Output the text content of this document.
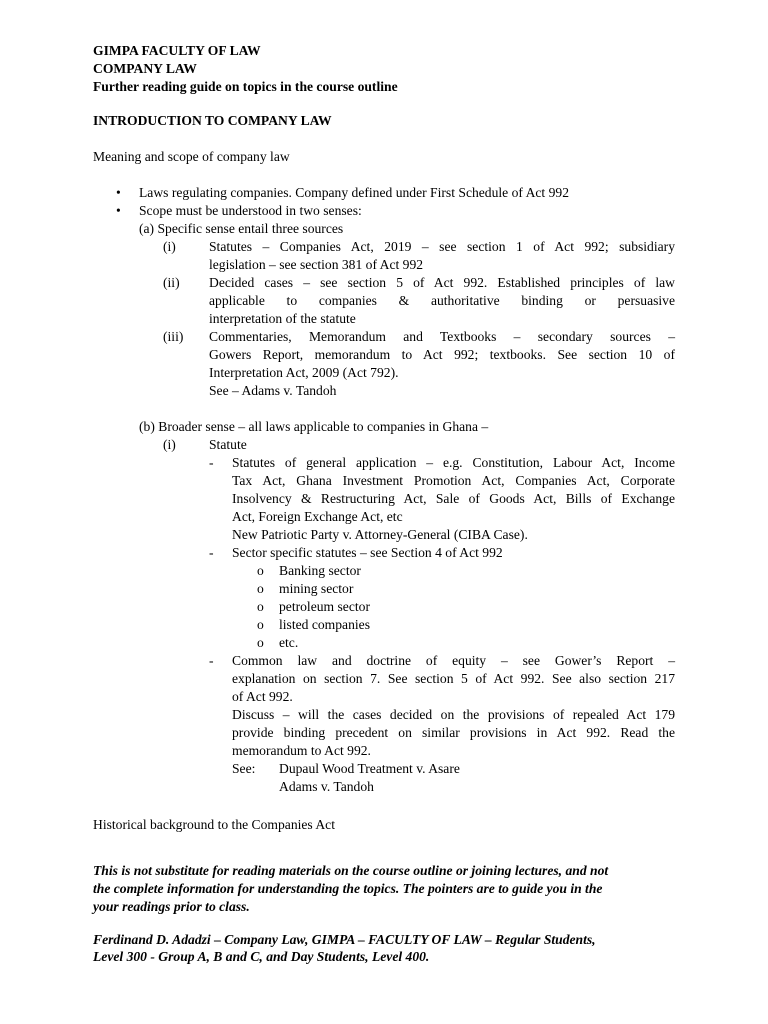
GIMPA FACULTY OF LAW
COMPANY LAW
Further reading guide on topics in the course outline
INTRODUCTION TO COMPANY LAW
Meaning and scope of company law
• Laws regulating companies. Company defined under First Schedule of Act 992
• Scope must be understood in two senses:
(a) Specific sense entail three sources
(i) Statutes – Companies Act, 2019 – see section 1 of Act 992; subsidiary
legislation – see section 381 of Act 992
(ii) Decided cases – see section 5 of Act 992. Established principles of law
applicable to companies & authoritative binding or persuasive
interpretation of the statute
(iii) Commentaries, Memorandum and Textbooks – secondary sources –
Gowers Report, memorandum to Act 992; textbooks. See section 10 of
Interpretation Act, 2009 (Act 792).
See – Adams v. Tandoh
(b) Broader sense – all laws applicable to companies in Ghana –
(i) Statute
- Statutes of general application – e.g. Constitution, Labour Act, Income
Tax Act, Ghana Investment Promotion Act, Companies Act, Corporate
Insolvency & Restructuring Act, Sale of Goods Act, Bills of Exchange
Act, Foreign Exchange Act, etc
New Patriotic Party v. Attorney-General (CIBA Case).
- Sector specific statutes – see Section 4 of Act 992
o Banking sector
o mining sector
o petroleum sector
o listed companies
o etc.
- Common law and doctrine of equity – see Gower’s Report –
explanation on section 7. See section 5 of Act 992. See also section 217
of Act 992.
Discuss – will the cases decided on the provisions of repealed Act 179
provide binding precedent on similar provisions in Act 992. Read the
memorandum to Act 992.
See: Dupaul Wood Treatment v. Asare
Adams v. Tandoh
Historical background to the Companies Act
This is not substitute for reading materials on the course outline or joining lectures, and not
the complete information for understanding the topics. The pointers are to guide you in the
your readings prior to class.
Ferdinand D. Adadzi – Company Law, GIMPA – FACULTY OF LAW – Regular Students,
Level 300 - Group A, B and C, and Day Students, Level 400.
